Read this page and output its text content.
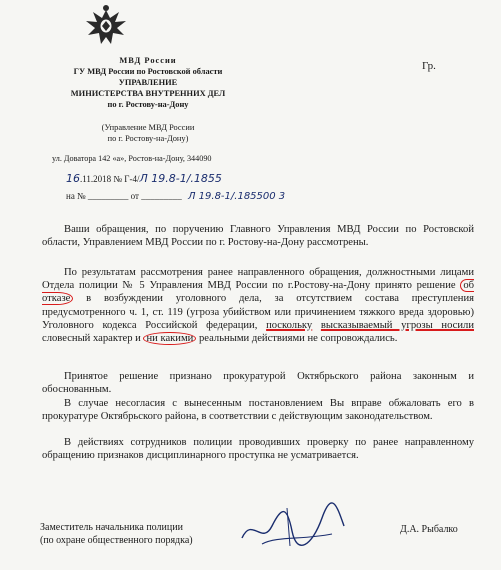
МВД России
ГУ МВД России по Ростовской области
УПРАВЛЕНИЕ
МИНИСТЕРСТВА ВНУТРЕННИХ ДЕЛ
по г. Ростову-на-Дону
(Управление МВД России
по г. Ростову-на-Дону)
ул. Доватора 142 «а», Ростов-на-Дону, 344090
Гр.
16.11.2018 № Г-4/Л 19.8-1/.1855
на № _________ от _________ Л 19.8-1/.185500 3
Ваши обращения, по поручению Главного Управления МВД России по Ростовской области, Управлением МВД России по г. Ростову-на-Дону рассмотрены.
По результатам рассмотрения ранее направленного обращения, должностными лицами Отдела полиции № 5 Управления МВД России по г.Ростову-на-Дону принято решение об отказе в возбуждении уголовного дела, за отсутствием состава преступления предусмотренного ч. 1, ст. 119 (угроза убийством или причинением тяжкого вреда здоровью) Уголовного кодекса Российской федерации, поскольку высказываемый угрозы носили словесный характер и ни какими реальными действиями не сопровождались.
Принятое решение признано прокуратурой Октябрьского района законным и обоснованным.
В случае несогласия с вынесенным постановлением Вы вправе обжаловать его в прокуратуре Октябрьского района, в соответствии с действующим законодательством.
В действиях сотрудников полиции проводивших проверку по ранее направленному обращению признаков дисциплинарного проступка не усматривается.
Заместитель начальника полиции
(по охране общественного порядка)
Д.А. Рыбалко
